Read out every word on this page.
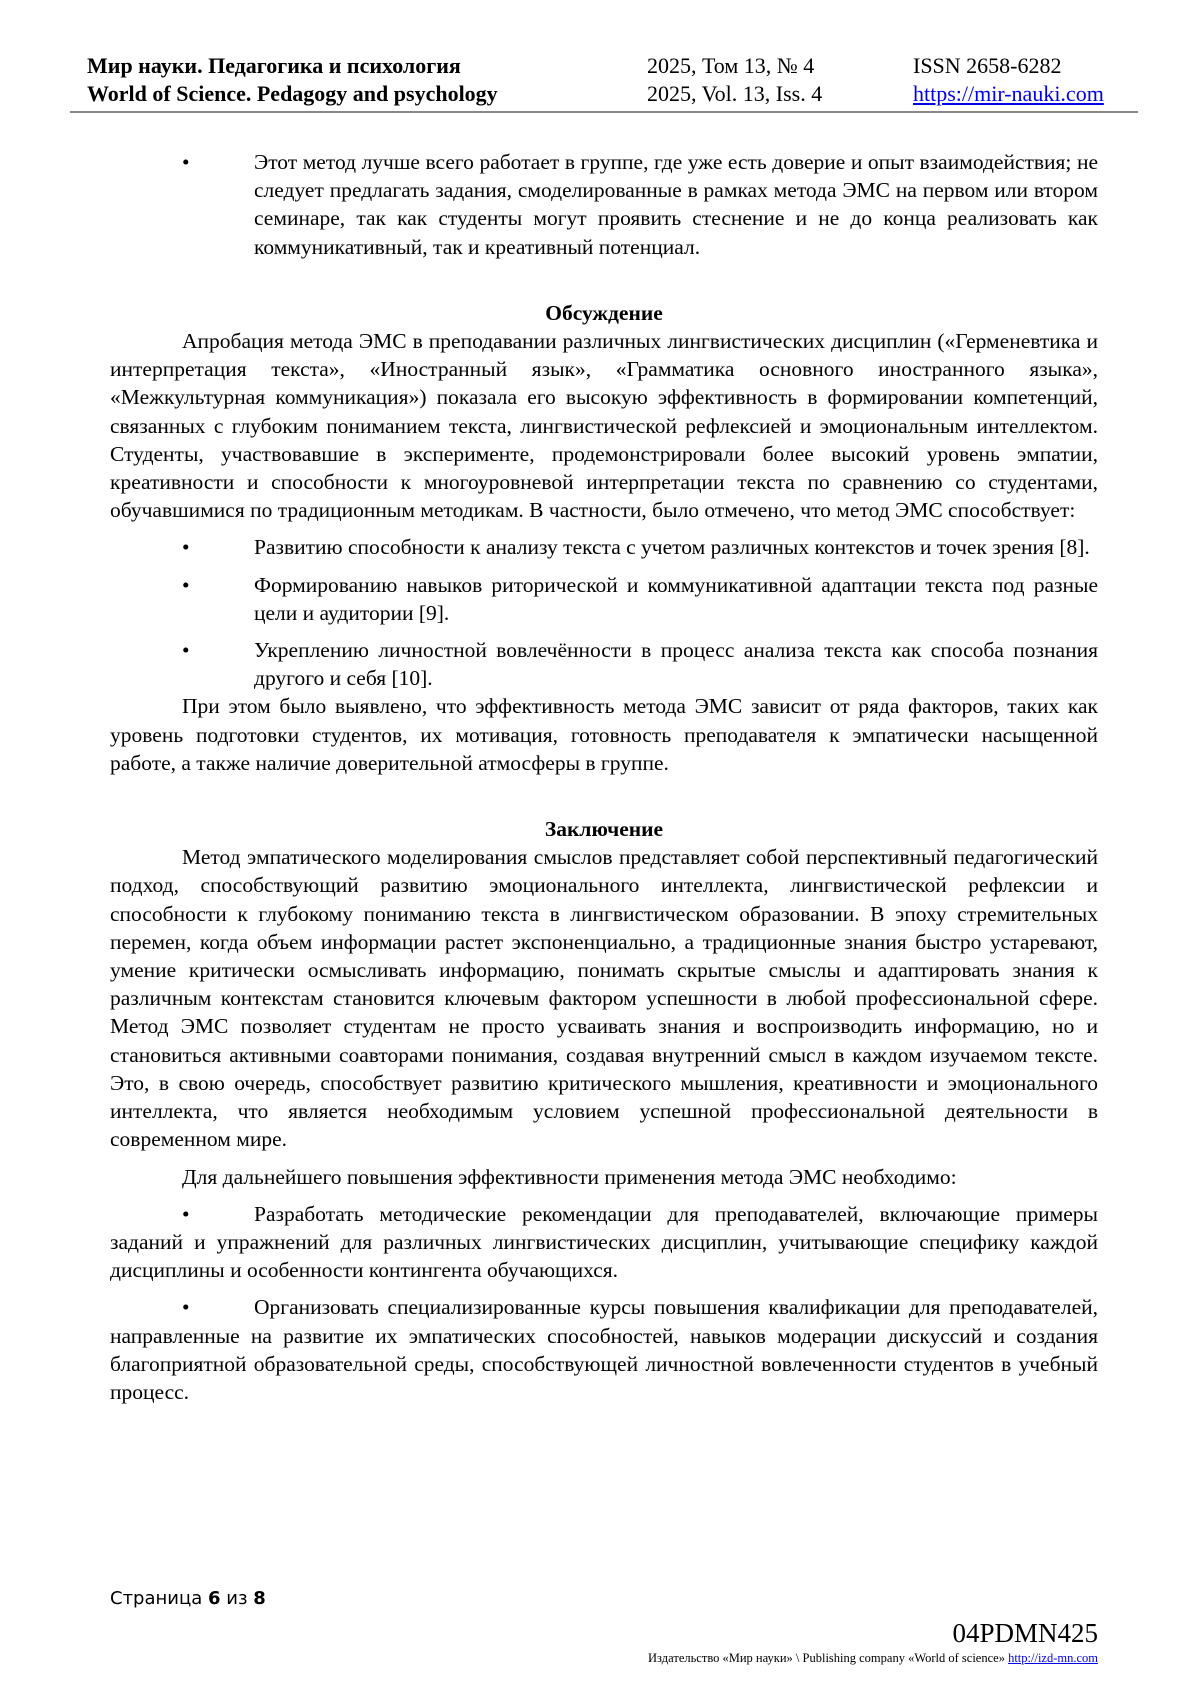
Мир науки. Педагогика и психология	2025, Том 13, № 4	ISSN 2658-6282
World of Science. Pedagogy and psychology	2025, Vol. 13, Iss. 4	https://mir-nauki.com
•	Этот метод лучше всего работает в группе, где уже есть доверие и опыт взаимодействия; не следует предлагать задания, смоделированные в рамках метода ЭМС на первом или втором семинаре, так как студенты могут проявить стеснение и не до конца реализовать как коммуникативный, так и креативный потенциал.
Обсуждение

Апробация метода ЭМС в преподавании различных лингвистических дисциплин («Герменевтика и интерпретация текста», «Иностранный язык», «Грамматика основного иностранного языка», «Межкультурная коммуникация») показала его высокую эффективность в формировании компетенций, связанных с глубоким пониманием текста, лингвистической рефлексией и эмоциональным интеллектом. Студенты, участвовавшие в эксперименте, продемонстрировали более высокий уровень эмпатии, креативности и способности к многоуровневой интерпретации текста по сравнению со студентами, обучавшимися по традиционным методикам. В частности, было отмечено, что метод ЭМС способствует:

•	Развитию способности к анализу текста с учетом различных контекстов и точек зрения [8].
•	Формированию навыков риторической и коммуникативной адаптации текста под разные цели и аудитории [9].
•	Укреплению личностной вовлечённости в процесс анализа текста как способа познания другого и себя [10].

При этом было выявлено, что эффективность метода ЭМС зависит от ряда факторов, таких как уровень подготовки студентов, их мотивация, готовность преподавателя к эмпатически насыщенной работе, а также наличие доверительной атмосферы в группе.

Заключение

Метод эмпатического моделирования смыслов представляет собой перспективный педагогический подход, способствующий развитию эмоционального интеллекта, лингвистической рефлексии и способности к глубокому пониманию текста в лингвистическом образовании. В эпоху стремительных перемен, когда объем информации растет экспоненциально, а традиционные знания быстро устаревают, умение критически осмысливать информацию, понимать скрытые смыслы и адаптировать знания к различным контекстам становится ключевым фактором успешности в любой профессиональной сфере. Метод ЭМС позволяет студентам не просто усваивать знания и воспроизводить информацию, но и становиться активными соавторами понимания, создавая внутренний смысл в каждом изучаемом тексте. Это, в свою очередь, способствует развитию критического мышления, креативности и эмоционального интеллекта, что является необходимым условием успешной профессиональной деятельности в современном мире.

Для дальнейшего повышения эффективности применения метода ЭМС необходимо:

•	Разработать методические рекомендации для преподавателей, включающие примеры заданий и упражнений для различных лингвистических дисциплин, учитывающие специфику каждой дисциплины и особенности контингента обучающихся.

•	Организовать специализированные курсы повышения квалификации для преподавателей, направленные на развитие их эмпатических способностей, навыков модерации дискуссий и создания благоприятной образовательной среды, способствующей личностной вовлеченности студентов в учебный процесс.

Страница 6 из 8
04PDMN425
Издательство «Мир науки» \ Publishing company «World of science» http://izd-mn.com
